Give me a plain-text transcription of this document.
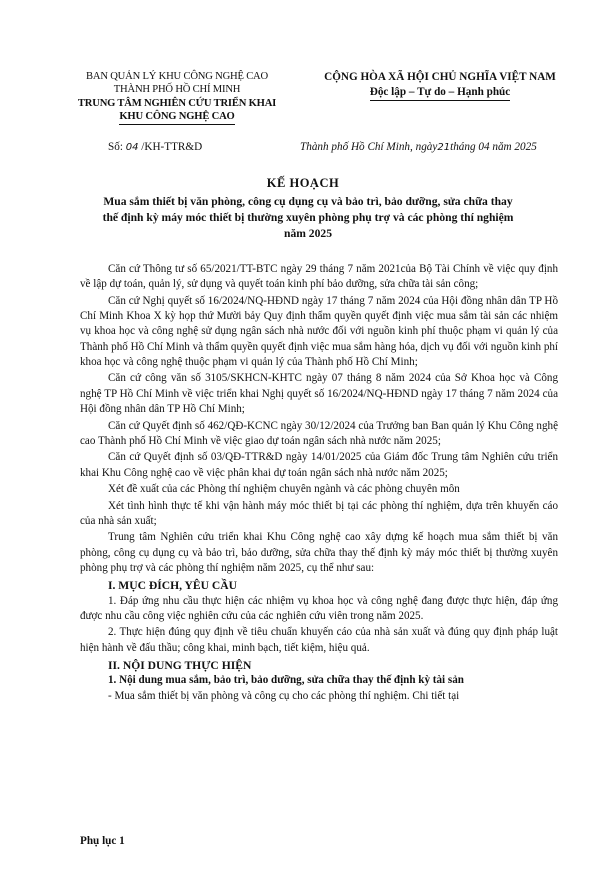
BAN QUẢN LÝ KHU CÔNG NGHỆ CAO
THÀNH PHỐ HỒ CHÍ MINH
TRUNG TÂM NGHIÊN CỨU TRIỂN KHAI
KHU CÔNG NGHỆ CAO
CỘNG HÒA XÃ HỘI CHỦ NGHĨA VIỆT NAM
Độc lập – Tự do – Hạnh phúc
Số: 04 /KH-TTR&D	Thành phố Hồ Chí Minh, ngày21tháng 04 năm 2025
KẾ HOẠCH
Mua sắm thiết bị văn phòng, công cụ dụng cụ và bảo trì, bảo dưỡng, sửa chữa thay thế định kỳ máy móc thiết bị thường xuyên phòng phụ trợ và các phòng thí nghiệm năm 2025

Căn cứ Thông tư số 65/2021/TT-BTC ngày 29 tháng 7 năm 2021của Bộ Tài Chính về việc quy định về lập dự toán, quản lý, sử dụng và quyết toán kinh phí bảo dưỡng, sửa chữa tài sản công;

Căn cứ Nghị quyết số 16/2024/NQ-HĐND ngày 17 tháng 7 năm 2024 của Hội đồng nhân dân TP Hồ Chí Minh Khoa X kỳ họp thứ Mười bảy Quy định thẩm quyền quyết định việc mua sắm tài sản các nhiệm vụ khoa học và công nghệ sử dụng ngân sách nhà nước đối với nguồn kinh phí thuộc phạm vi quản lý của Thành phố Hồ Chí Minh và thẩm quyền quyết định việc mua sắm hàng hóa, dịch vụ đối với nguồn kinh phí khoa học và công nghệ thuộc phạm vi quản lý của Thành phố Hồ Chí Minh;

Căn cứ công văn số 3105/SKHCN-KHTC ngày 07 tháng 8 năm 2024 của Sở Khoa học và Công nghệ TP Hồ Chí Minh về việc triển khai Nghị quyết số 16/2024/NQ-HĐND ngày 17 tháng 7 năm 2024 của Hội đồng nhân dân TP Hồ Chí Minh;

Căn cứ Quyết định số 462/QĐ-KCNC ngày 30/12/2024 của Trưởng ban Ban quản lý Khu Công nghệ cao Thành phố Hồ Chí Minh về việc giao dự toán ngân sách nhà nước năm 2025;

Căn cứ Quyết định số 03/QĐ-TTR&D ngày 14/01/2025 của Giám đốc Trung tâm Nghiên cứu triển khai Khu Công nghệ cao về việc phân khai dự toán ngân sách nhà nước năm 2025;

Xét đề xuất của các Phòng thí nghiệm chuyên ngành và các phòng chuyên môn

Xét tình hình thực tế khi vận hành máy móc thiết bị tại các phòng thí nghiệm, dựa trên khuyến cáo của nhà sản xuất;

Trung tâm Nghiên cứu triển khai Khu Công nghệ cao xây dựng kế hoạch mua sắm thiết bị văn phòng, công cụ dụng cụ và bảo trì, bảo dưỡng, sửa chữa thay thế định kỳ máy móc thiết bị thường xuyên phòng phụ trợ và các phòng thí nghiệm năm 2025, cụ thể như sau:

I. MỤC ĐÍCH, YÊU CẦU

1. Đáp ứng nhu cầu thực hiện các nhiệm vụ khoa học và công nghệ đang được thực hiện, đáp ứng được nhu cầu công việc nghiên cứu của các nghiên cứu viên trong năm 2025.

2. Thực hiện đúng quy định về tiêu chuẩn khuyến cáo của nhà sản xuất và đúng quy định pháp luật hiện hành về đấu thầu; công khai, minh bạch, tiết kiệm, hiệu quả.

II. NỘI DUNG THỰC HIỆN

1. Nội dung mua sắm, bảo trì, bảo dưỡng, sửa chữa thay thế định kỳ tài sản

- Mua sắm thiết bị văn phòng và công cụ cho các phòng thí nghiệm. Chi tiết tại

Phụ lục 1
